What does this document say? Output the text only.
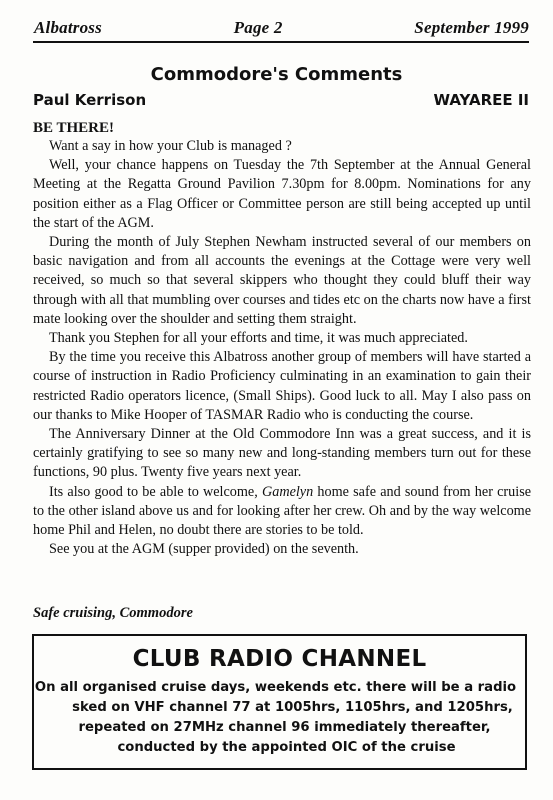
Albatross	Page 2	September 1999
Commodore's Comments
Paul Kerrison	WAYAREE II
BE THERE!

Want a say in how your Club is managed ?

Well, your chance happens on Tuesday the 7th September at the Annual General Meeting at the Regatta Ground Pavilion 7.30pm for 8.00pm. Nominations for any position either as a Flag Officer or Committee person are still being accepted up until the start of the AGM.

During the month of July Stephen Newham instructed several of our members on basic navigation and from all accounts the evenings at the Cottage were very well received, so much so that several skippers who thought they could bluff their way through with all that mumbling over courses and tides etc on the charts now have a first mate looking over the shoulder and setting them straight.

Thank you Stephen for all your efforts and time, it was much appreciated.

By the time you receive this Albatross another group of members will have started a course of instruction in Radio Proficiency culminating in an examination to gain their restricted Radio operators licence, (Small Ships). Good luck to all. May I also pass on our thanks to Mike Hooper of TASMAR Radio who is conducting the course.

The Anniversary Dinner at the Old Commodore Inn was a great success, and it is certainly gratifying to see so many new and long-standing members turn out for these functions, 90 plus. Twenty five years next year.

Its also good to be able to welcome, Gamelyn home safe and sound from her cruise to the other island above us and for looking after her crew. Oh and by the way welcome home Phil and Helen, no doubt there are stories to be told.

See you at the AGM (supper provided) on the seventh.

Safe cruising, Commodore
CLUB RADIO CHANNEL
On all organised cruise days, weekends etc. there will be a radio
sked on VHF channel 77 at 1005hrs, 1105hrs, and 1205hrs,
repeated on 27MHz channel 96 immediately thereafter,
conducted by the appointed OIC of the cruise
